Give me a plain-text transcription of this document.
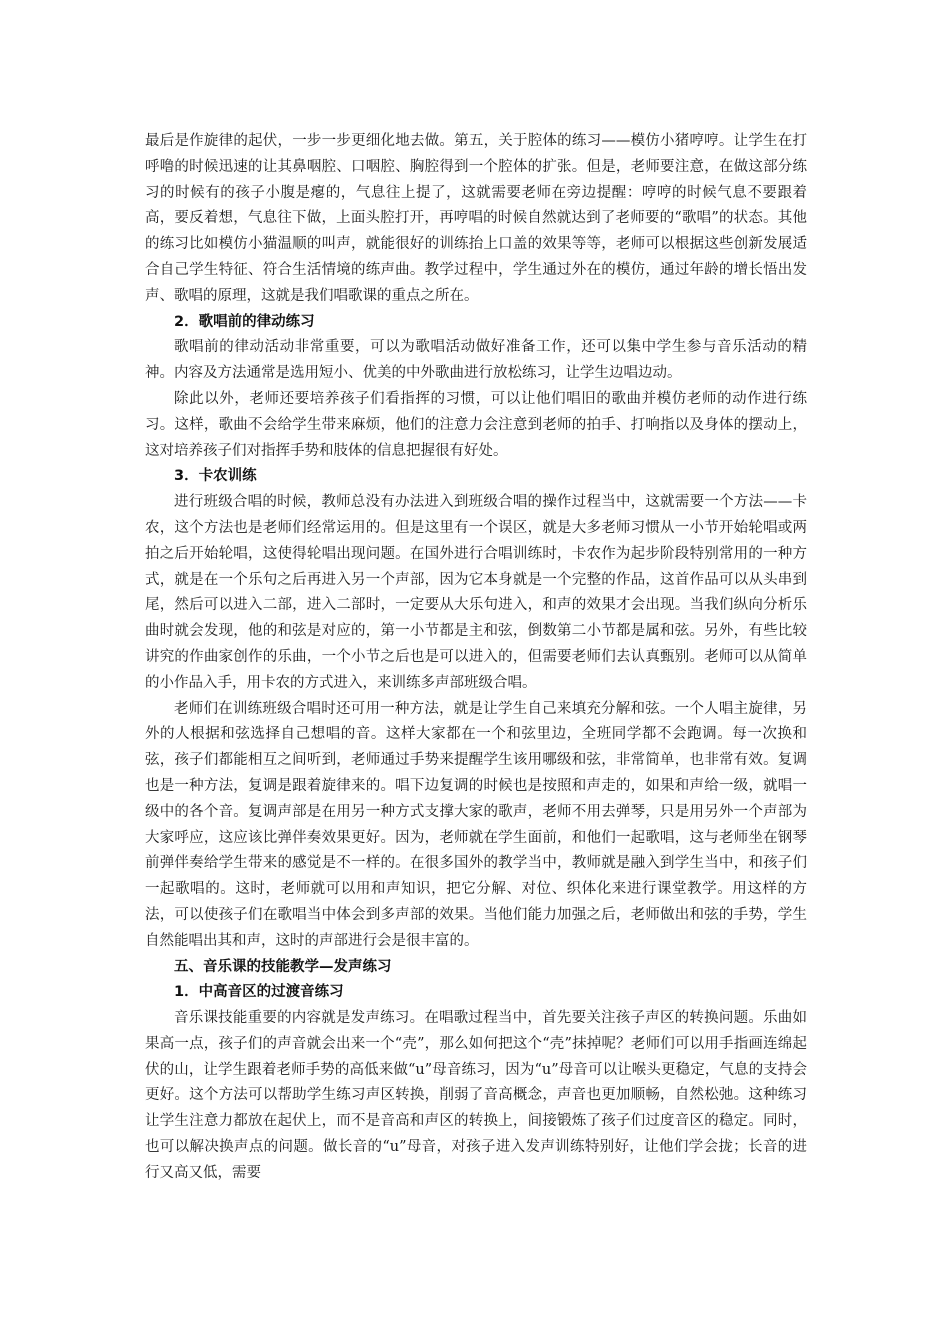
最后是作旋律的起伏，一步一步更细化地去做。第五，关于腔体的练习——模仿小猪哼哼。让学生在打呼噜的时候迅速的让其鼻咽腔、口咽腔、胸腔得到一个腔体的扩张。但是，老师要注意，在做这部分练习的时候有的孩子小腹是瘪的，气息往上提了，这就需要老师在旁边提醒：哼哼的时候气息不要跟着高，要反着想，气息往下做，上面头腔打开，再哼唱的时候自然就达到了老师要的“歌唱”的状态。其他的练习比如模仿小猫温顺的叫声，就能很好的训练抬上口盖的效果等等，老师可以根据这些创新发展适合自己学生特征、符合生活情境的练声曲。教学过程中，学生通过外在的模仿，通过年龄的增长悟出发声、歌唱的原理，这就是我们唱歌课的重点之所在。

2．歌唱前的律动练习

歌唱前的律动活动非常重要，可以为歌唱活动做好准备工作，还可以集中学生参与音乐活动的精神。内容及方法通常是选用短小、优美的中外歌曲进行放松练习，让学生边唱边动。

除此以外，老师还要培养孩子们看指挥的习惯，可以让他们唱旧的歌曲并模仿老师的动作进行练习。这样，歌曲不会给学生带来麻烦，他们的注意力会注意到老师的拍手、打响指以及身体的摆动上，这对培养孩子们对指挥手势和肢体的信息把握很有好处。

3．卡农训练

进行班级合唱的时候，教师总没有办法进入到班级合唱的操作过程当中，这就需要一个方法——卡农，这个方法也是老师们经常运用的。但是这里有一个误区，就是大多老师习惯从一小节开始轮唱或两拍之后开始轮唱，这使得轮唱出现问题。在国外进行合唱训练时，卡农作为起步阶段特别常用的一种方式，就是在一个乐句之后再进入另一个声部，因为它本身就是一个完整的作品，这首作品可以从头串到尾，然后可以进入二部，进入二部时，一定要从大乐句进入，和声的效果才会出现。当我们纵向分析乐曲时就会发现，他的和弦是对应的，第一小节都是主和弦，倒数第二小节都是属和弦。另外，有些比较讲究的作曲家创作的乐曲，一个小节之后也是可以进入的，但需要老师们去认真甄别。老师可以从简单的小作品入手，用卡农的方式进入，来训练多声部班级合唱。

老师们在训练班级合唱时还可用一种方法，就是让学生自己来填充分解和弦。一个人唱主旋律，另外的人根据和弦选择自己想唱的音。这样大家都在一个和弦里边，全班同学都不会跑调。每一次换和弦，孩子们都能相互之间听到，老师通过手势来提醒学生该用哪级和弦，非常简单，也非常有效。复调也是一种方法，复调是跟着旋律来的。唱下边复调的时候也是按照和声走的，如果和声给一级，就唱一级中的各个音。复调声部是在用另一种方式支撑大家的歌声，老师不用去弹琴，只是用另外一个声部为大家呼应，这应该比弹伴奏效果更好。因为，老师就在学生面前，和他们一起歌唱，这与老师坐在钢琴前弹伴奏给学生带来的感觉是不一样的。在很多国外的教学当中，教师就是融入到学生当中，和孩子们一起歌唱的。这时，老师就可以用和声知识，把它分解、对位、织体化来进行课堂教学。用这样的方法，可以使孩子们在歌唱当中体会到多声部的效果。当他们能力加强之后，老师做出和弦的手势，学生自然能唱出其和声，这时的声部进行会是很丰富的。

五、音乐课的技能教学—发声练习

1．中高音区的过渡音练习

音乐课技能重要的内容就是发声练习。在唱歌过程当中，首先要关注孩子声区的转换问题。乐曲如果高一点，孩子们的声音就会出来一个“壳”，那么如何把这个“壳”抹掉呢？老师们可以用手指画连绵起伏的山，让学生跟着老师手势的高低来做“u”母音练习，因为“u”母音可以让喉头更稳定，气息的支持会更好。这个方法可以帮助学生练习声区转换，削弱了音高概念，声音也更加顺畅，自然松弛。这种练习让学生注意力都放在起伏上，而不是音高和声区的转换上，间接锻炼了孩子们过度音区的稳定。同时，也可以解决换声点的问题。做长音的“u”母音，对孩子进入发声训练特别好，让他们学会拢；长音的进行又高又低，需要
